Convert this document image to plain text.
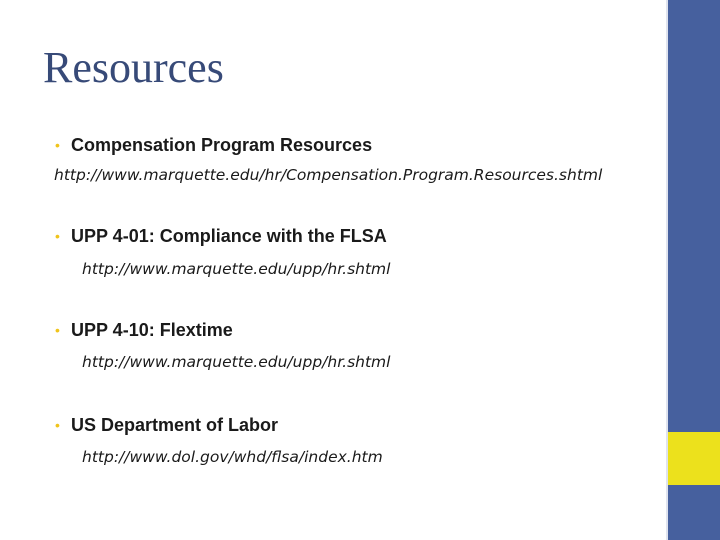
Resources
• Compensation Program Resources
http://www.marquette.edu/hr/Compensation.Program.Resources.shtml
• UPP 4-01: Compliance with the FLSA
http://www.marquette.edu/upp/hr.shtml
• UPP 4-10: Flextime
http://www.marquette.edu/upp/hr.shtml
• US Department of Labor
http://www.dol.gov/whd/flsa/index.htm
